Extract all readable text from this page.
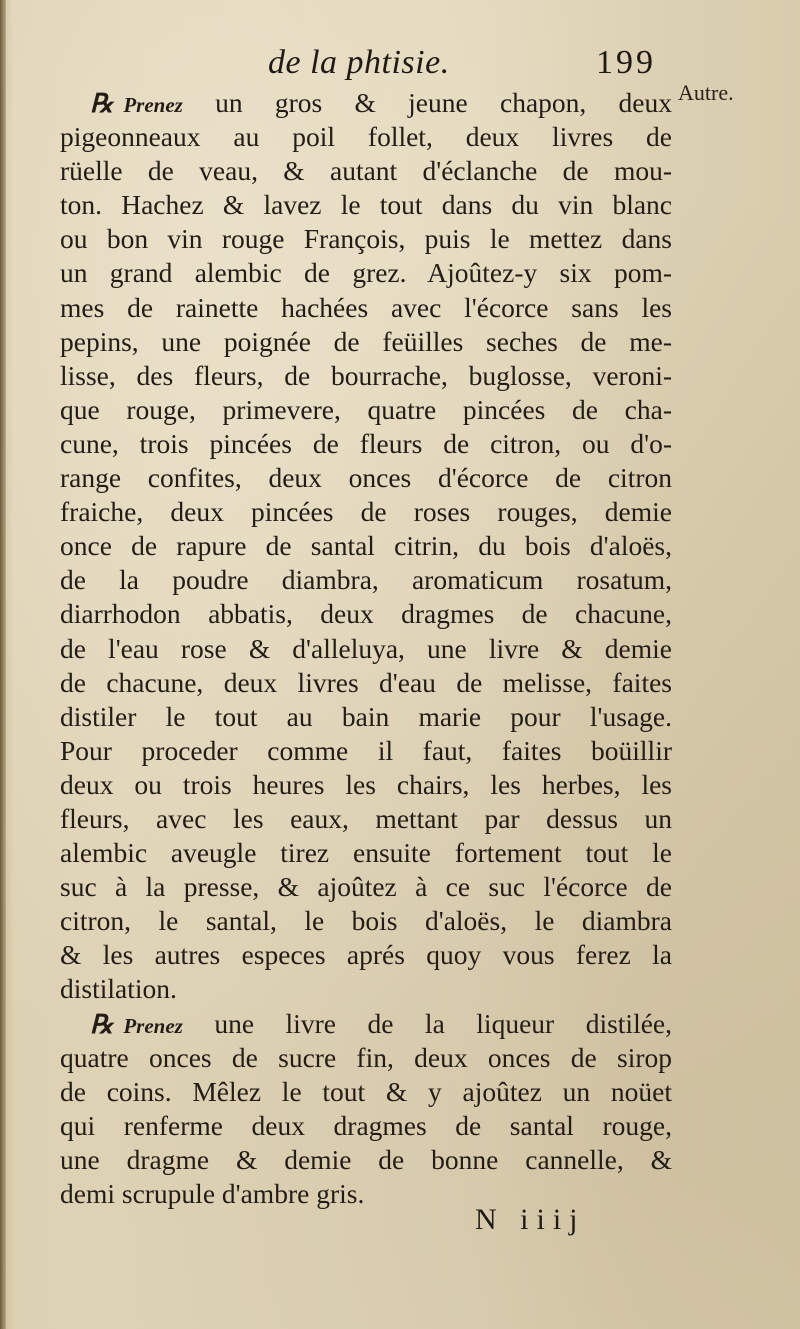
de la phtisie.	199
Autre.
℞ Prenez un gros & jeune chapon, deux
pigeonneaux au poil follet, deux livres de
rüelle de veau, & autant d'éclanche de mou-
ton. Hachez & lavez le tout dans du vin blanc
ou bon vin rouge François, puis le mettez dans
un grand alembic de grez. Ajoûtez-y six pom-
mes de rainette hachées avec l'écorce sans les
pepins, une poignée de feüilles seches de me-
lisse, des fleurs, de bourrache, buglosse, veroni-
que rouge, primevere, quatre pincées de cha-
cune, trois pincées de fleurs de citron, ou d'o-
range confites, deux onces d'écorce de citron
fraiche, deux pincées de roses rouges, demie
once de rapure de santal citrin, du bois d'aloës,
de la poudre diambra, aromaticum rosatum,
diarrhodon abbatis, deux dragmes de chacune,
de l'eau rose & d'alleluya, une livre & demie
de chacune, deux livres d'eau de melisse, faites
distiler le tout au bain marie pour l'usage.
Pour proceder comme il faut, faites boüillir
deux ou trois heures les chairs, les herbes, les
fleurs, avec les eaux, mettant par dessus un
alembic aveugle tirez ensuite fortement tout le
suc à la presse, & ajoûtez à ce suc l'écorce de
citron, le santal, le bois d'aloës, le diambra
& les autres especes aprés quoy vous ferez la
distilation.
℞ Prenez une livre de la liqueur distilée,
quatre onces de sucre fin, deux onces de sirop
de coins. Mêlez le tout & y ajoûtez un noüet
qui renferme deux dragmes de santal rouge,
une dragme & demie de bonne cannelle, &
demi scrupule d'ambre gris.
N iiij
